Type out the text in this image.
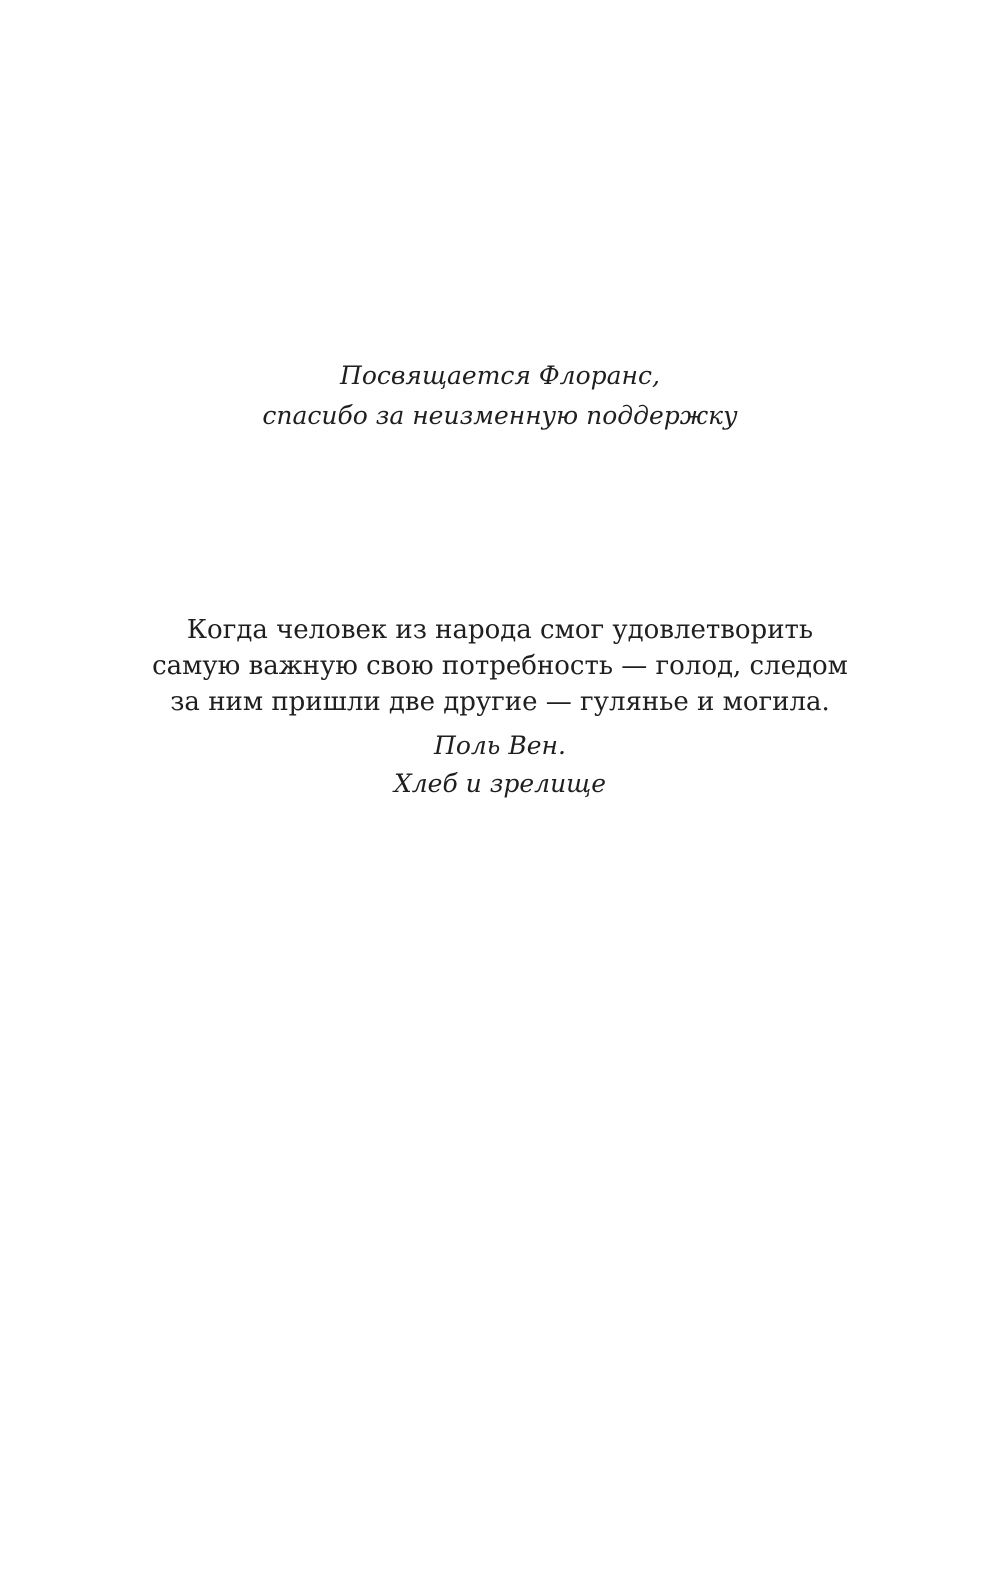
Посвящается Флоранс,
спасибо за неизменную поддержку
Когда человек из народа смог удовлетворить
самую важную свою потребность — голод, следом
за ним пришли две другие — гулянье и могила.
Поль Вен.
Хлеб и зрелище
